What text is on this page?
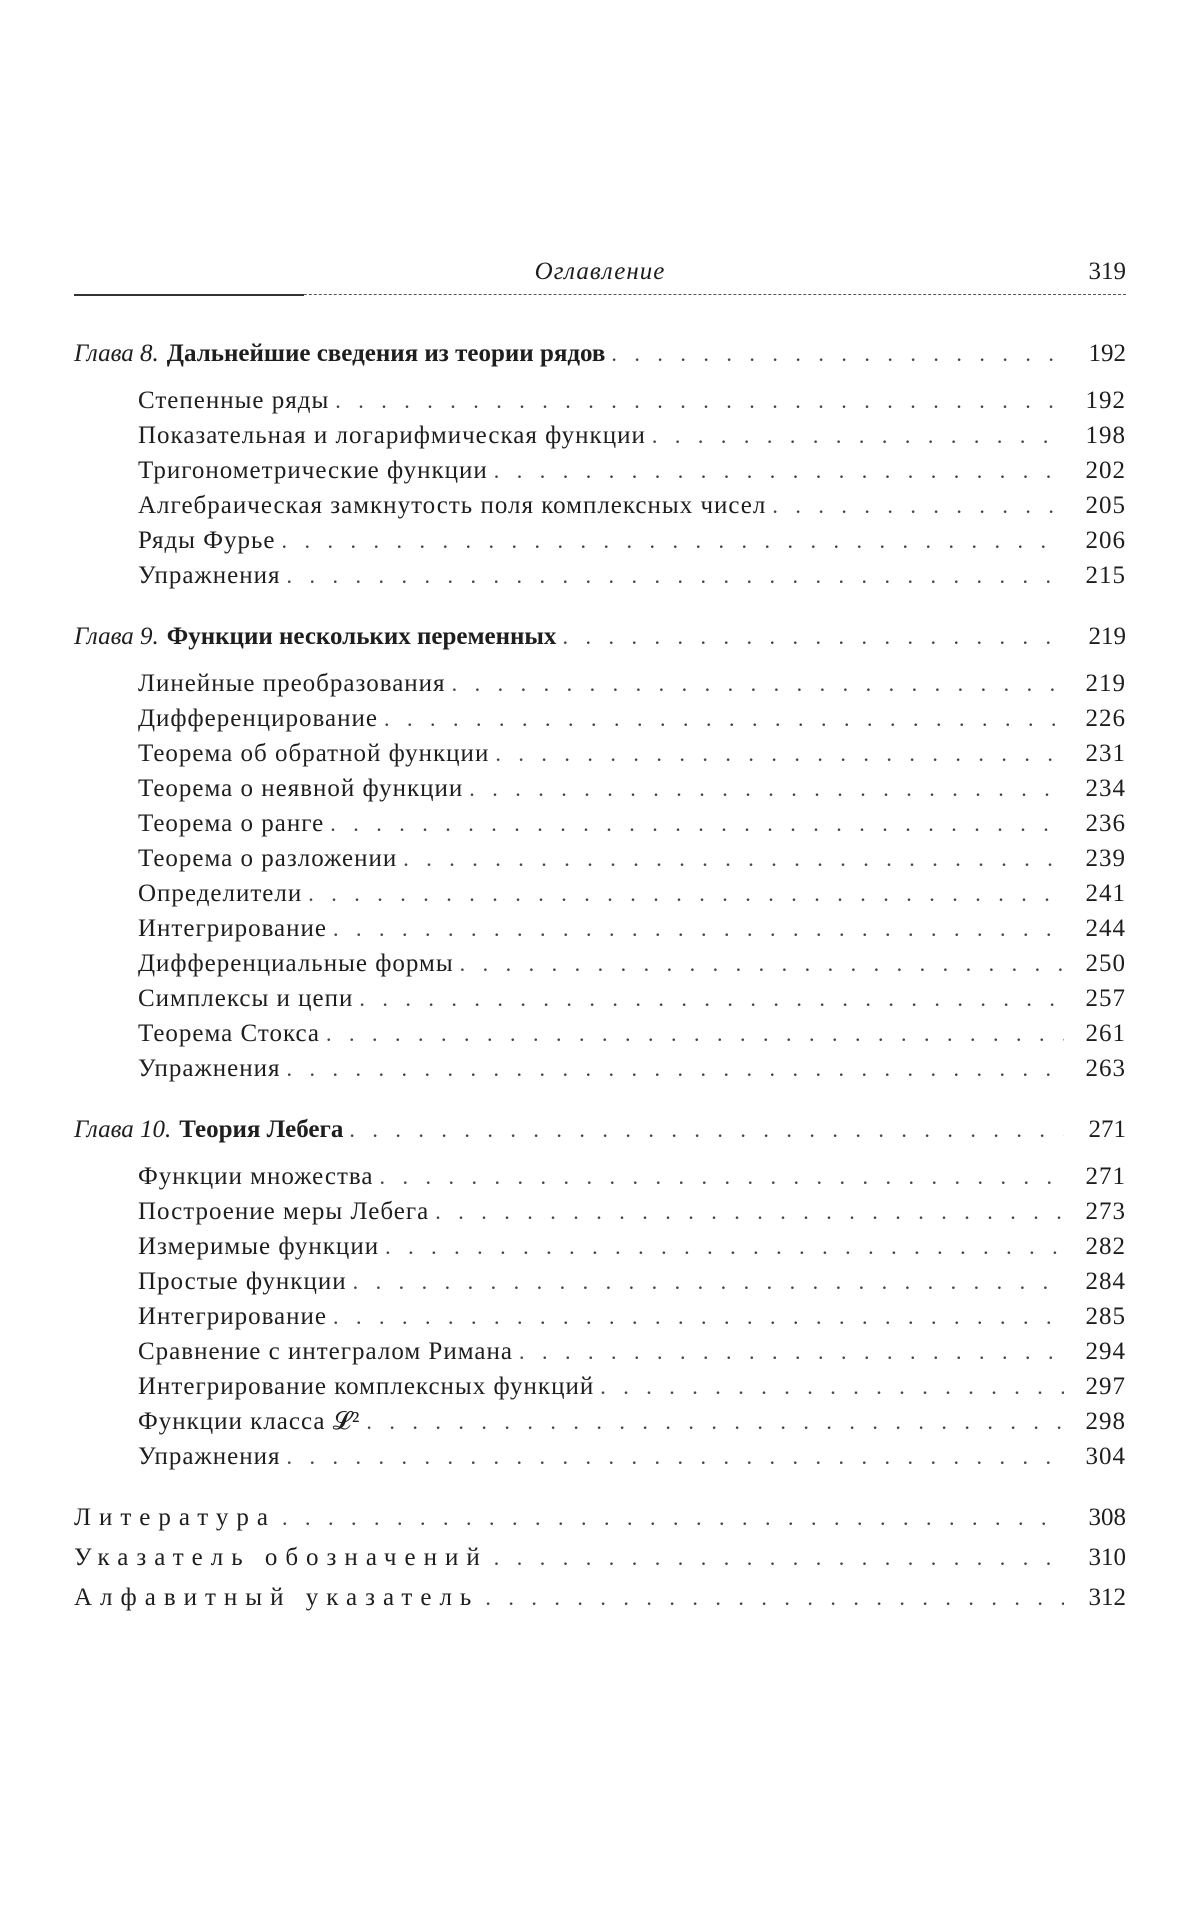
Оглавление	319
Глава 8. Дальнейшие сведения из теории рядов . . .	192
Степенные ряды . . .	192
Показательная и логарифмическая функции . . .	198
Тригонометрические функции . . .	202
Алгебраическая замкнутость поля комплексных чисел . . .	205
Ряды Фурье . . .	206
Упражнения . . .	215
Глава 9. Функции нескольких переменных . . .	219
Линейные преобразования . . .	219
Дифференцирование . . .	226
Теорема об обратной функции . . .	231
Теорема о неявной функции . . .	234
Теорема о ранге . . .	236
Теорема о разложении . . .	239
Определители . . .	241
Интегрирование . . .	244
Дифференциальные формы . . .	250
Симплексы и цепи . . .	257
Теорема Стокса . . .	261
Упражнения . . .	263
Глава 10. Теория Лебега . . .	271
Функции множества . . .	271
Построение меры Лебега . . .	273
Измеримые функции . . .	282
Простые функции . . .	284
Интегрирование . . .	285
Сравнение с интегралом Римана . . .	294
Интегрирование комплексных функций . . .	297
Функции класса 𝓛² . . .	298
Упражнения . . .	304
Литература . . .	308
Указатель обозначений . . .	310
Алфавитный указатель . . .	312
